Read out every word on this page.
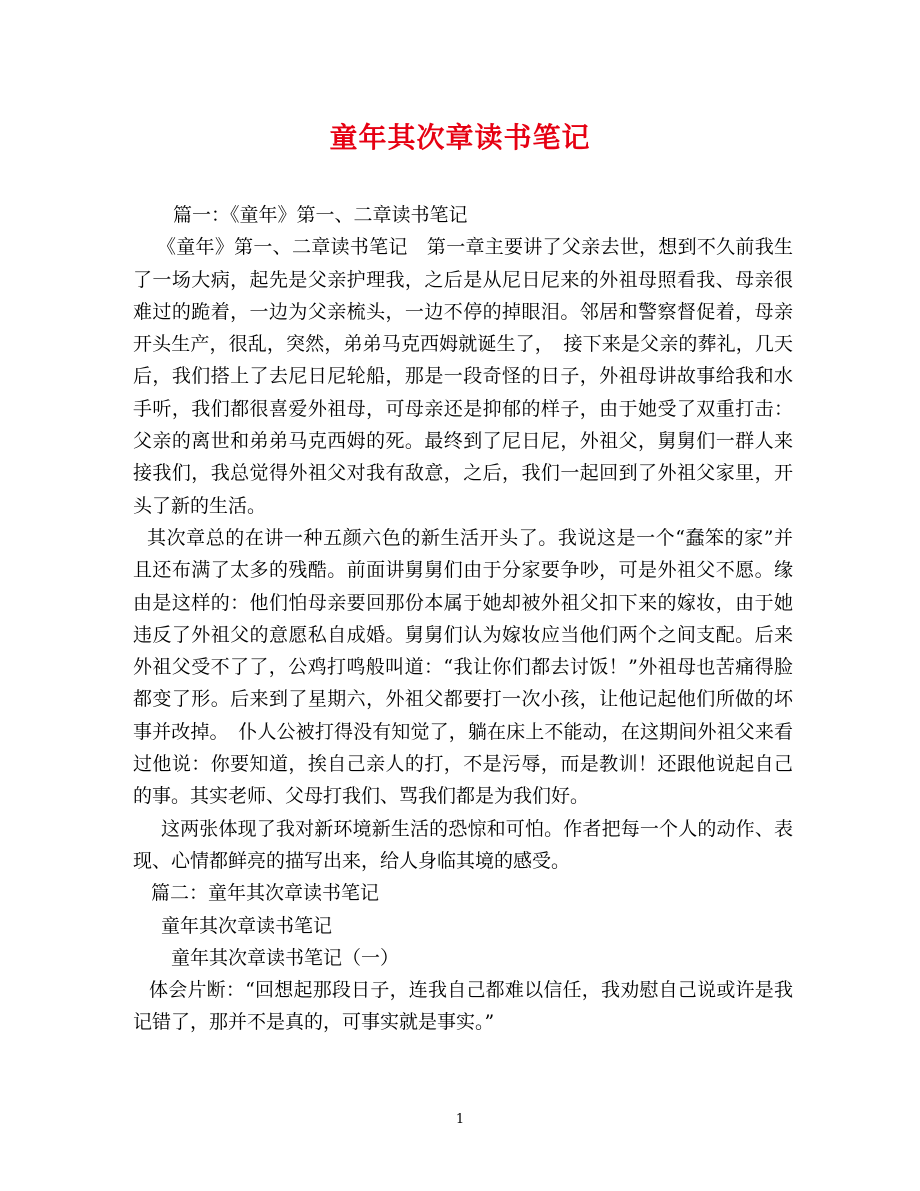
童年其次章读书笔记

篇一：《童年》第一、二章读书笔记

《童年》第一、二章读书笔记　第一章主要讲了父亲去世，想到不久前我生了一场大病，起先是父亲护理我，之后是从尼日尼来的外祖母照看我、母亲很难过的跪着，一边为父亲梳头，一边不停的掉眼泪。邻居和警察督促着，母亲开头生产，很乱，突然，弟弟马克西姆就诞生了，　接下来是父亲的葬礼，几天后，我们搭上了去尼日尼轮船，那是一段奇怪的日子，外祖母讲故事给我和水手听，我们都很喜爱外祖母，可母亲还是抑郁的样子，由于她受了双重打击：父亲的离世和弟弟马克西姆的死。最终到了尼日尼，外祖父，舅舅们一群人来接我们，我总觉得外祖父对我有敌意，之后，我们一起回到了外祖父家里，开头了新的生活。

其次章总的在讲一种五颜六色的新生活开头了。我说这是一个“蠢笨的家”并且还布满了太多的残酷。前面讲舅舅们由于分家要争吵，可是外祖父不愿。缘由是这样的：他们怕母亲要回那份本属于她却被外祖父扣下来的嫁妆，由于她违反了外祖父的意愿私自成婚。舅舅们认为嫁妆应当他们两个之间支配。后来外祖父受不了了，公鸡打鸣般叫道：“我让你们都去讨饭！”外祖母也苦痛得脸都变了形。后来到了星期六，外祖父都要打一次小孩，让他记起他们所做的坏事并改掉。　仆人公被打得没有知觉了，躺在床上不能动，在这期间外祖父来看过他说：你要知道，挨自己亲人的打，不是污辱，而是教训！还跟他说起自己的事。其实老师、父母打我们、骂我们都是为我们好。

这两张体现了我对新环境新生活的恐惊和可怕。作者把每一个人的动作、表现、心情都鲜亮的描写出来，给人身临其境的感受。

篇二：童年其次章读书笔记

童年其次章读书笔记

童年其次章读书笔记（一）

体会片断：“回想起那段日子，连我自己都难以信任，我劝慰自己说或许是我记错了，那并不是真的，可事实就是事实。”

1
